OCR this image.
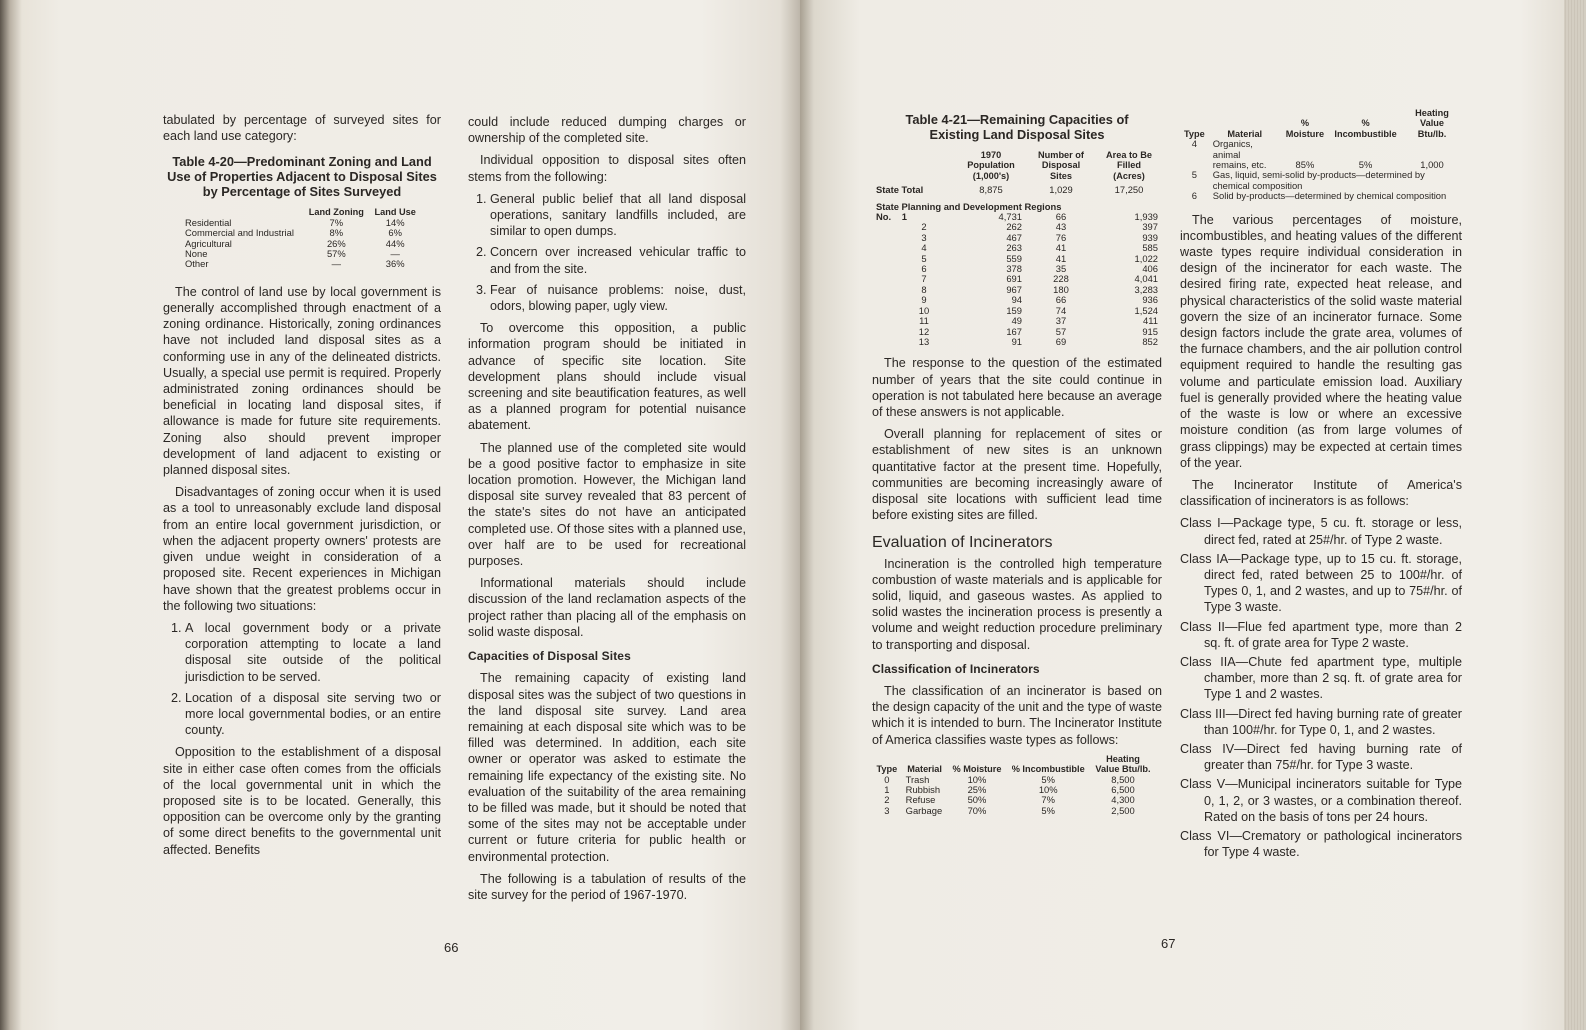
tabulated by percentage of surveyed sites for each land use category:

Table 4-20—Predominant Zoning and Land Use of Properties Adjacent to Disposal Sites by Percentage of Sites Surveyed
	Land Zoning	Land Use
Residential	7%	14%
Commercial and Industrial	8%	6%
Agricultural	26%	44%
None	57%	—
Other	—	36%

The control of land use by local government is generally accomplished through enactment of a zoning ordinance. Historically, zoning ordinances have not included land disposal sites as a conforming use in any of the delineated districts. Usually, a special use permit is required. Properly administrated zoning ordinances should be beneficial in locating land disposal sites, if allowance is made for future site requirements. Zoning also should prevent improper development of land adjacent to existing or planned disposal sites.

Disadvantages of zoning occur when it is used as a tool to unreasonably exclude land disposal from an entire local government jurisdiction, or when the adjacent property owners' protests are given undue weight in consideration of a proposed site. Recent experiences in Michigan have shown that the greatest problems occur in the following two situations:

1. A local government body or a private corporation attempting to locate a land disposal site outside of the political jurisdiction to be served.
2. Location of a disposal site serving two or more local governmental bodies, or an entire county.

Opposition to the establishment of a disposal site in either case often comes from the officials of the local governmental unit in which the proposed site is to be located. Generally, this opposition can be overcome only by the granting of some direct benefits to the governmental unit affected. Benefits

could include reduced dumping charges or ownership of the completed site.

Individual opposition to disposal sites often stems from the following:

1. General public belief that all land disposal operations, sanitary landfills included, are similar to open dumps.
2. Concern over increased vehicular traffic to and from the site.
3. Fear of nuisance problems: noise, dust, odors, blowing paper, ugly view.

To overcome this opposition, a public information program should be initiated in advance of specific site location. Site development plans should include visual screening and site beautification features, as well as a planned program for potential nuisance abatement.

The planned use of the completed site would be a good positive factor to emphasize in site location promotion. However, the Michigan land disposal site survey revealed that 83 percent of the state's sites do not have an anticipated completed use. Of those sites with a planned use, over half are to be used for recreational purposes.

Informational materials should include discussion of the land reclamation aspects of the project rather than placing all of the emphasis on solid waste disposal.

Capacities of Disposal Sites

The remaining capacity of existing land disposal sites was the subject of two questions in the land disposal site survey. Land area remaining at each disposal site which was to be filled was determined. In addition, each site owner or operator was asked to estimate the remaining life expectancy of the existing site. No evaluation of the suitability of the area remaining to be filled was made, but it should be noted that some of the sites may not be acceptable under current or future criteria for public health or environmental protection.

The following is a tabulation of results of the site survey for the period of 1967-1970.

66
Table 4-21—Remaining Capacities of Existing Land Disposal Sites
	1970 Population (1,000's)	Number of Disposal Sites	Area to Be Filled (Acres)
State Total	8,875	1,029	17,250
State Planning and Development Regions			
No. 1	4,731	66	1,939
2	262	43	397
3	467	76	939
4	263	41	585
5	559	41	1,022
6	378	35	406
7	691	228	4,041
8	967	180	3,283
9	94	66	936
10	159	74	1,524
11	49	37	411
12	167	57	915
13	91	69	852

The response to the question of the estimated number of years that the site could continue in operation is not tabulated here because an average of these answers is not applicable.

Overall planning for replacement of sites or establishment of new sites is an unknown quantitative factor at the present time. Hopefully, communities are becoming increasingly aware of disposal site locations with sufficient lead time before existing sites are filled.

Evaluation of Incinerators

Incineration is the controlled high temperature combustion of waste materials and is applicable for solid, liquid, and gaseous wastes. As applied to solid wastes the incineration process is presently a volume and weight reduction procedure preliminary to transporting and disposal.

Classification of Incinerators

The classification of an incinerator is based on the design capacity of the unit and the type of waste which it is intended to burn. The Incinerator Institute of America classifies waste types as follows:

Type	Material	% Moisture	% Incombustible	Heating Value Btu/lb.
0	Trash	10%	5%	8,500
1	Rubbish	25%	10%	6,500
2	Refuse	50%	7%	4,300
3	Garbage	70%	5%	2,500
Type	Material	% Moisture	% Incombustible	Heating Value Btu/lb.
4	Organics, animal remains, etc.	85%	5%	1,000
5	Gas, liquid, semi-solid by-products—determined by chemical composition			
6	Solid by-products—determined by chemical composition			

The various percentages of moisture, incombustibles, and heating values of the different waste types require individual consideration in design of the incinerator for each waste. The desired firing rate, expected heat release, and physical characteristics of the solid waste material govern the size of an incinerator furnace. Some design factors include the grate area, volumes of the furnace chambers, and the air pollution control equipment required to handle the resulting gas volume and particulate emission load. Auxiliary fuel is generally provided where the heating value of the waste is low or where an excessive moisture condition (as from large volumes of grass clippings) may be expected at certain times of the year.

The Incinerator Institute of America's classification of incinerators is as follows:

Class I—Package type, 5 cu. ft. storage or less, direct fed, rated at 25#/hr. of Type 2 waste.
Class IA—Package type, up to 15 cu. ft. storage, direct fed, rated between 25 to 100#/hr. of Types 0, 1, and 2 wastes, and up to 75#/hr. of Type 3 waste.
Class II—Flue fed apartment type, more than 2 sq. ft. of grate area for Type 2 waste.
Class IIA—Chute fed apartment type, multiple chamber, more than 2 sq. ft. of grate area for Type 1 and 2 wastes.
Class III—Direct fed having burning rate of greater than 100#/hr. for Type 0, 1, and 2 wastes.
Class IV—Direct fed having burning rate of greater than 75#/hr. for Type 3 waste.
Class V—Municipal incinerators suitable for Type 0, 1, 2, or 3 wastes, or a combination thereof. Rated on the basis of tons per 24 hours.
Class VI—Crematory or pathological incinerators for Type 4 waste.
67
